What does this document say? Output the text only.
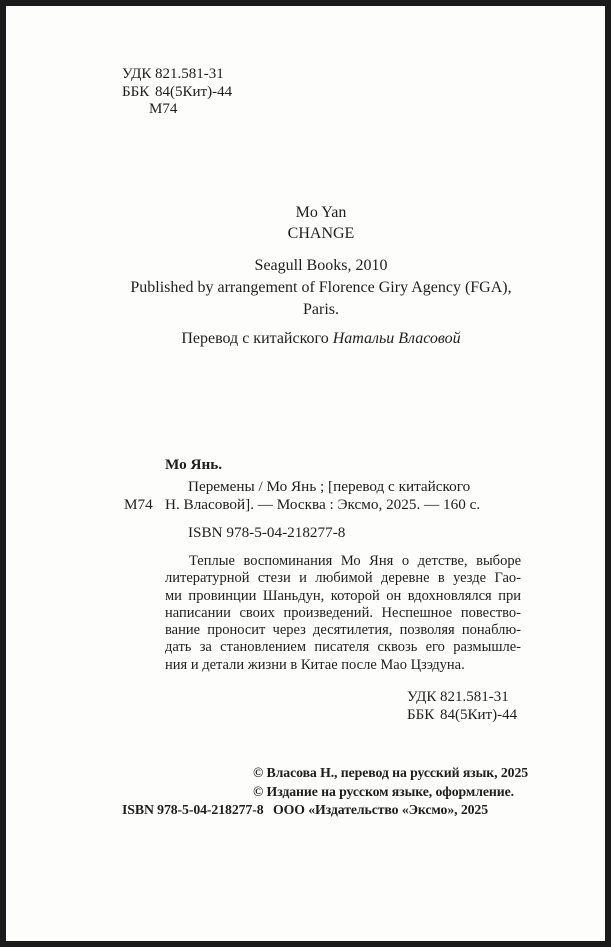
УДК 821.581-31
ББК 84(5Кит)-44
М74
Mo Yan
CHANGE
Seagull Books, 2010
Published by arrangement of Florence Giry Agency (FGA),
Paris.
Перевод с китайского Натальи Власовой
Мо Янь.
Перемены / Мо Янь ; [перевод с китайского
М74 Н. Власовой]. — Москва : Эксмо, 2025. — 160 с.
ISBN 978-5-04-218277-8
Теплые воспоминания Мо Яня о детстве, выборе
литературной стези и любимой деревне в уезде Гао-
ми провинции Шаньдун, которой он вдохновлялся при
написании своих произведений. Неспешное повество-
вание проносит через десятилетия, позволяя понаблю-
дать за становлением писателя сквозь его размышле-
ния и детали жизни в Китае после Мао Цзэдуна.
УДК 821.581-31
ББК 84(5Кит)-44
© Власова Н., перевод на русский язык, 2025
© Издание на русском языке, оформление.
ISBN 978-5-04-218277-8 ООО «Издательство «Эксмо», 2025
